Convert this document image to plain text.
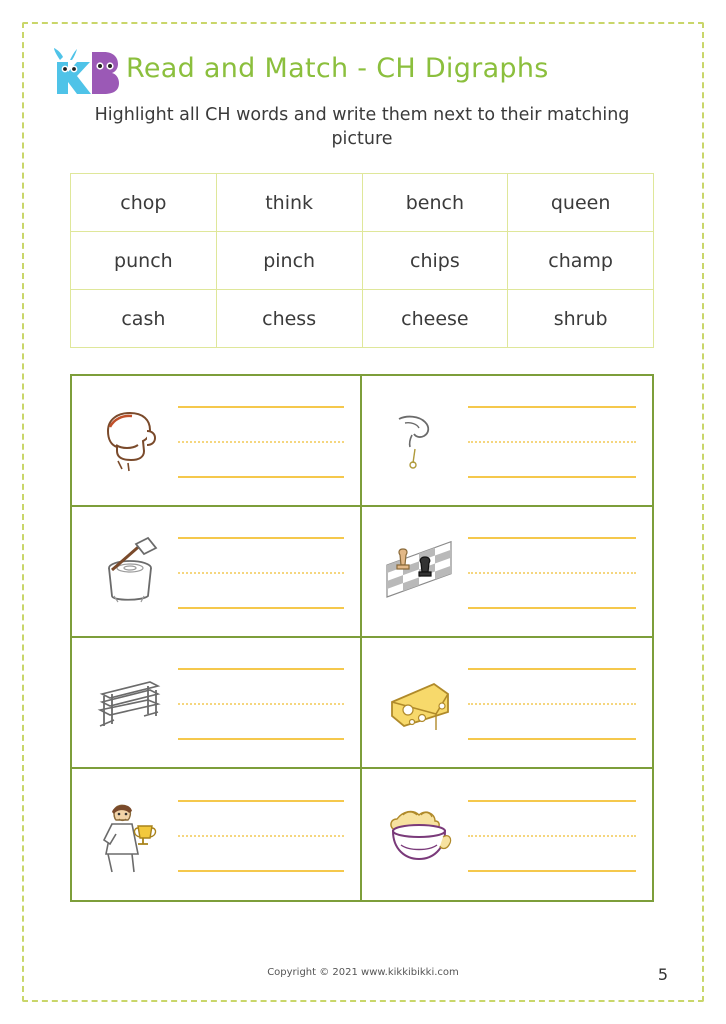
Read and Match - CH Digraphs
Highlight all CH words and write them next to their matching picture
chop	think	bench	queen
punch	pinch	chips	champ
cash	chess	cheese	shrub
Copyright © 2021 www.kikkibikki.com	5
